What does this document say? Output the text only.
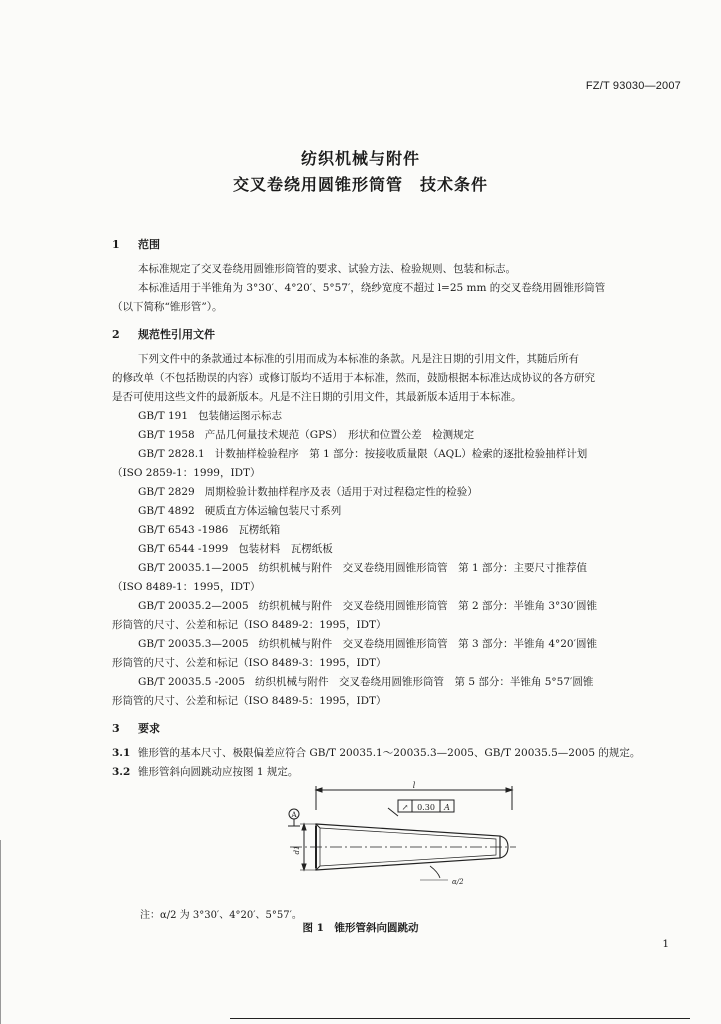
FZ/T 93030—2007
纺织机械与附件
交叉卷绕用圆锥形筒管　技术条件
1 范围
本标准规定了交叉卷绕用圆锥形筒管的要求、试验方法、检验规则、包装和标志。
本标准适用于半锥角为 3°30′、4°20′、5°57′，绕纱宽度不超过 l=25 mm 的交叉卷绕用圆锥形筒管
（以下简称“锥形管”）。
2 规范性引用文件
下列文件中的条款通过本标准的引用而成为本标准的条款。凡是注日期的引用文件，其随后所有
的修改单（不包括勘误的内容）或修订版均不适用于本标准，然而，鼓励根据本标准达成协议的各方研究
是否可使用这些文件的最新版本。凡是不注日期的引用文件，其最新版本适用于本标准。
GB/T 191 包装储运图示标志
GB/T 1958 产品几何量技术规范（GPS）　形状和位置公差　检测规定
GB/T 2828.1 计数抽样检验程序　第 1 部分：按接收质量限（AQL）检索的逐批检验抽样计划
（ISO 2859-1：1999，IDT）
GB/T 2829 周期检验计数抽样程序及表（适用于对过程稳定性的检验）
GB/T 4892 硬质直方体运输包装尺寸系列
GB/T 6543 -1986 瓦楞纸箱
GB/T 6544 -1999 包装材料　瓦楞纸板
GB/T 20035.1—2005 纺织机械与附件　交叉卷绕用圆锥形筒管　第 1 部分：主要尺寸推荐值
（ISO 8489-1：1995，IDT）
GB/T 20035.2—2005 纺织机械与附件　交叉卷绕用圆锥形筒管　第 2 部分：半锥角 3°30′圆锥
形筒管的尺寸、公差和标记（ISO 8489-2：1995，IDT）
GB/T 20035.3—2005 纺织机械与附件　交叉卷绕用圆锥形筒管　第 3 部分：半锥角 4°20′圆锥
形筒管的尺寸、公差和标记（ISO 8489-3：1995，IDT）
GB/T 20035.5 -2005 纺织机械与附件　交叉卷绕用圆锥形筒管　第 5 部分：半锥角 5°57′圆锥
形筒管的尺寸、公差和标记（ISO 8489-5：1995，IDT）
3 要求
3.1 锥形管的基本尺寸、极限偏差应符合 GB/T 20035.1～20035.3—2005、GB/T 20035.5—2005 的规定。
3.2 锥形管斜向圆跳动应按图 1 规定。
l
↗ 0.30 A
A
d1
α/2
注：α/2 为 3°30′、4°20′、5°57′。
图 1　锥形管斜向圆跳动
1
